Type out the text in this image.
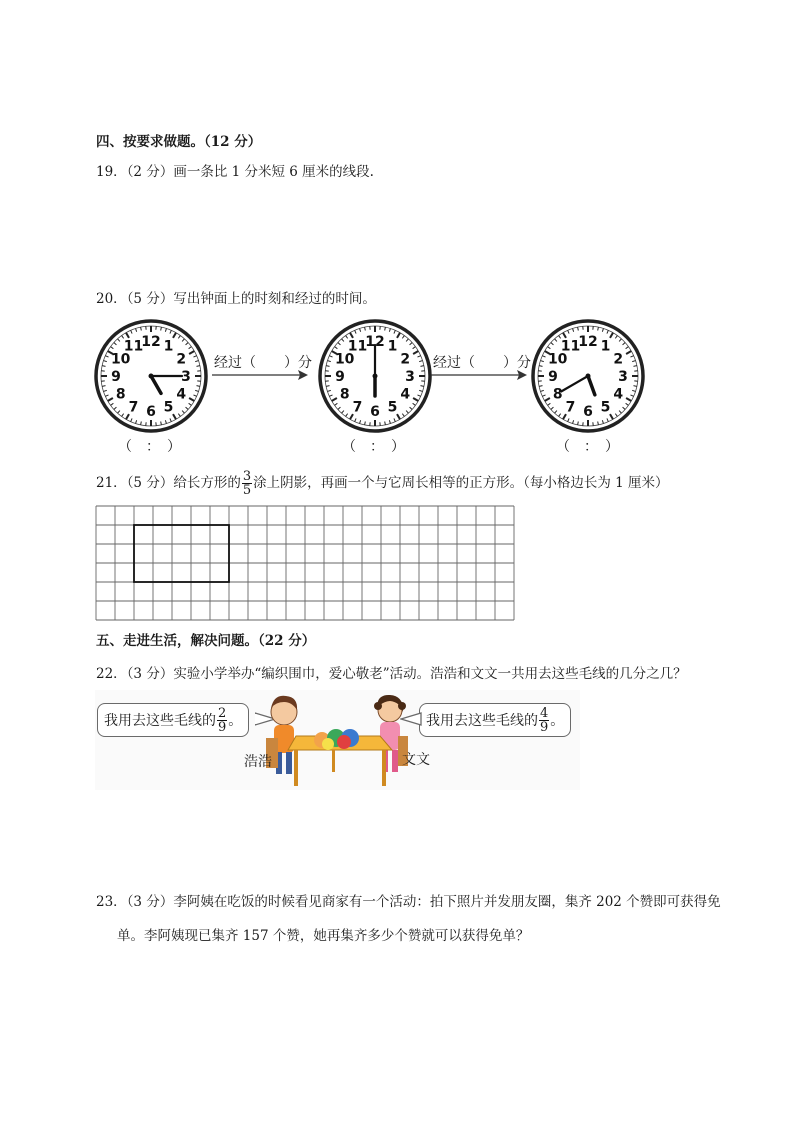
四、按要求做题。（12 分）
19．（2 分）画一条比 1 分米短 6 厘米的线段.
20．（5 分）写出钟面上的时刻和经过的时间。
12 1
2
3
4
5
6
7
8
9
10
11	12 1
2
3
4
5
6
7
8
9
10
11	12 1
2
3
4
5
6
7
8
9
10
11
经过（ ）分	经过（ ）分
（　：　）	（　：　）	（　：　）
21．（5 分）给长方形的 $\frac{3}{5}$ 涂上阴影，再画一个与它周长相等的正方形。（每小格边长为 1 厘米）
五、走进生活，解决问题。（22 分）
22．（3 分）实验小学举办“编织围巾，爱心敬老”活动。浩浩和文文一共用去这些毛线的几分之几？
我用去这些毛线的 $\frac{2}{9}$ 。	我用去这些毛线的 $\frac{4}{9}$ 。
浩浩	文文
23．（3 分）李阿姨在吃饭的时候看见商家有一个活动：拍下照片并发朋友圈，集齐 202 个赞即可获得免
单。李阿姨现已集齐 157 个赞，她再集齐多少个赞就可以获得免单？
